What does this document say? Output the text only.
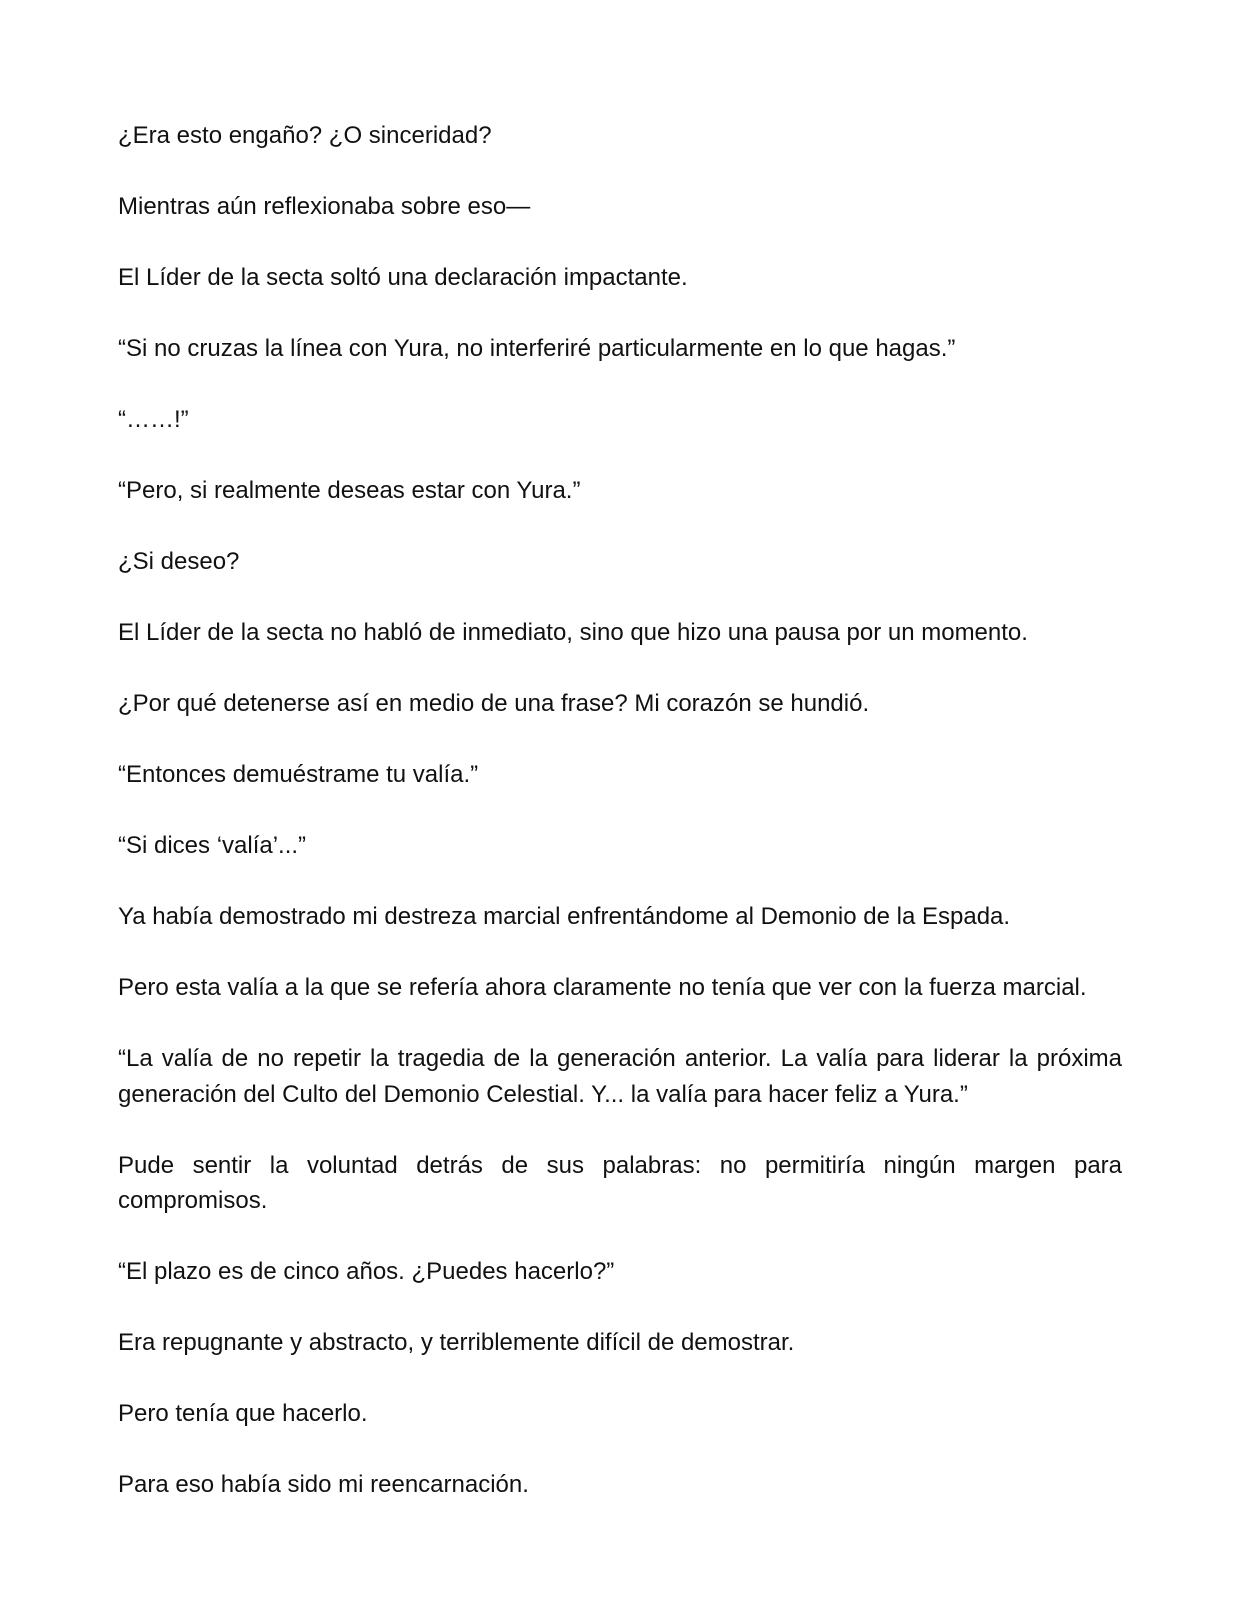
¿Era esto engaño? ¿O sinceridad?

Mientras aún reflexionaba sobre eso—

El Líder de la secta soltó una declaración impactante.

“Si no cruzas la línea con Yura, no interferiré particularmente en lo que hagas.”

“……!”

“Pero, si realmente deseas estar con Yura.”

¿Si deseo?

El Líder de la secta no habló de inmediato, sino que hizo una pausa por un momento.

¿Por qué detenerse así en medio de una frase? Mi corazón se hundió.

“Entonces demuéstrame tu valía.”

“Si dices ‘valía’...”

Ya había demostrado mi destreza marcial enfrentándome al Demonio de la Espada.

Pero esta valía a la que se refería ahora claramente no tenía que ver con la fuerza marcial.

“La valía de no repetir la tragedia de la generación anterior. La valía para liderar la próxima generación del Culto del Demonio Celestial. Y... la valía para hacer feliz a Yura.”

Pude sentir la voluntad detrás de sus palabras: no permitiría ningún margen para compromisos.

“El plazo es de cinco años. ¿Puedes hacerlo?”

Era repugnante y abstracto, y terriblemente difícil de demostrar.

Pero tenía que hacerlo.

Para eso había sido mi reencarnación.
